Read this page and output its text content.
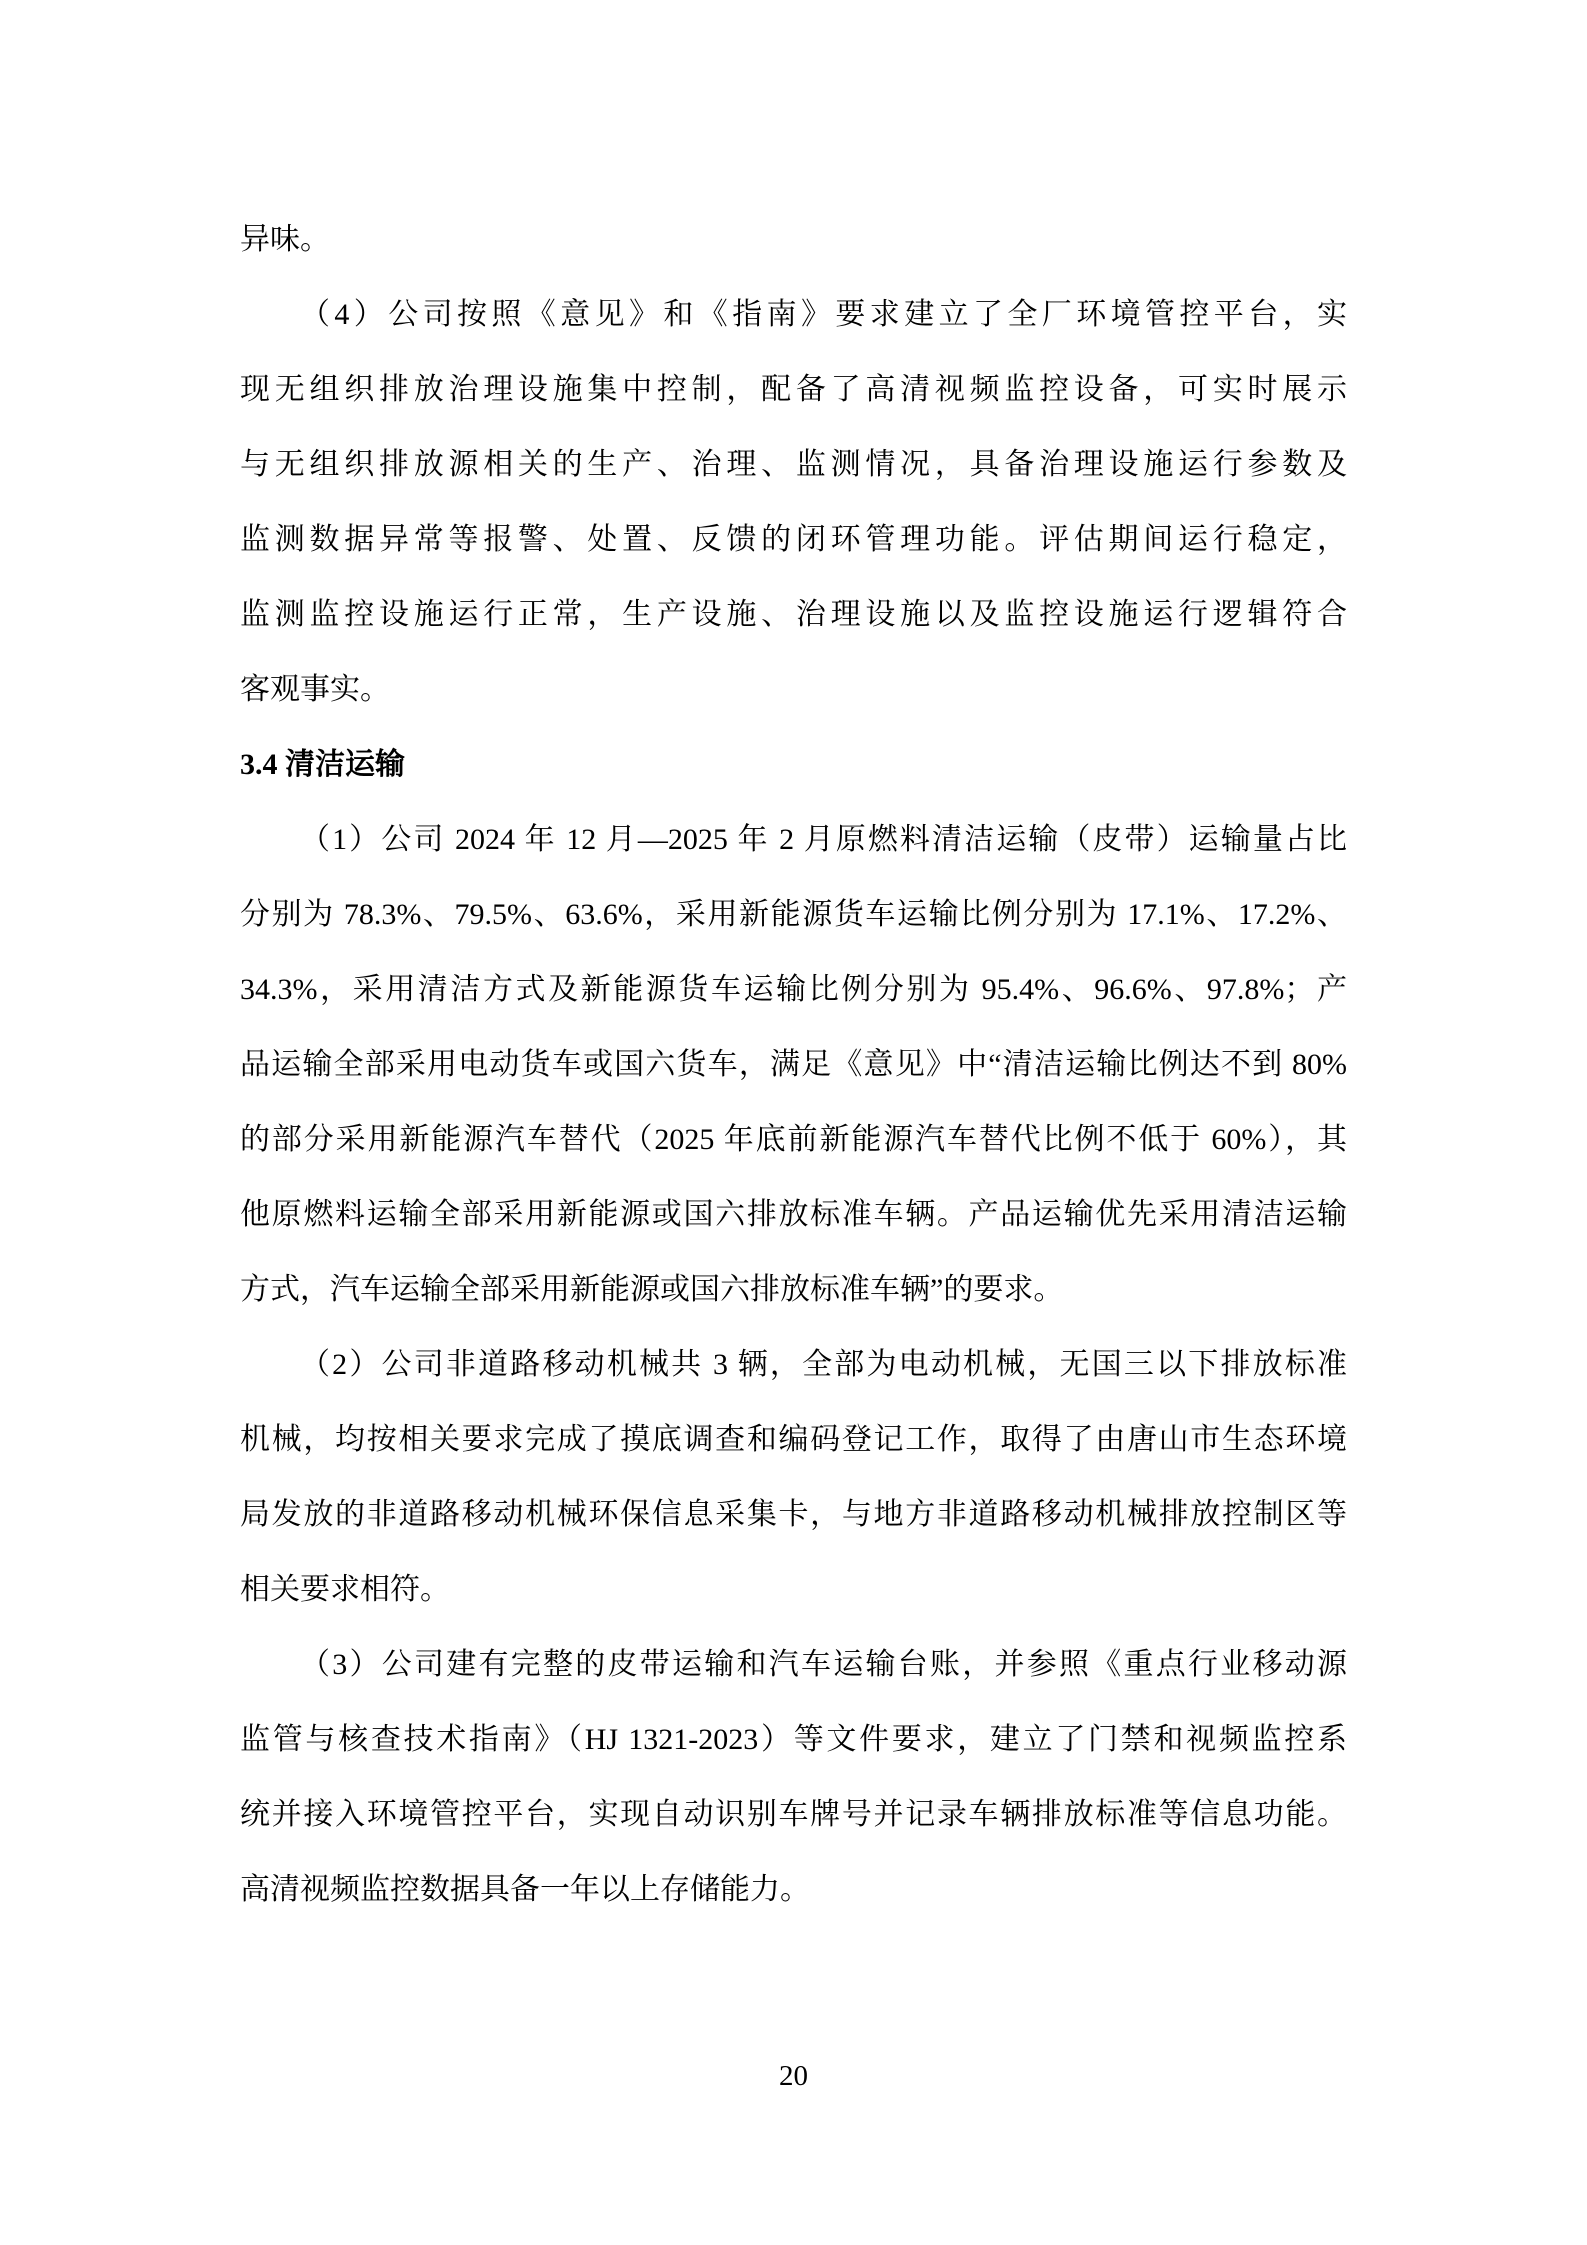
异味。
（4）公司按照《意见》和《指南》要求建立了全厂环境管控平台，实
现无组织排放治理设施集中控制，配备了高清视频监控设备，可实时展示
与无组织排放源相关的生产、治理、监测情况，具备治理设施运行参数及
监测数据异常等报警、处置、反馈的闭环管理功能。评估期间运行稳定，
监测监控设施运行正常，生产设施、治理设施以及监控设施运行逻辑符合
客观事实。
3.4 清洁运输
（1）公司 2024 年 12 月—2025 年 2 月原燃料清洁运输（皮带）运输量占比
分别为 78.3%、79.5%、63.6%，采用新能源货车运输比例分别为 17.1%、17.2%、
34.3%，采用清洁方式及新能源货车运输比例分别为 95.4%、96.6%、97.8%；产
品运输全部采用电动货车或国六货车，满足《意见》中“清洁运输比例达不到 80%
的部分采用新能源汽车替代（2025 年底前新能源汽车替代比例不低于 60%），其
他原燃料运输全部采用新能源或国六排放标准车辆。产品运输优先采用清洁运输
方式，汽车运输全部采用新能源或国六排放标准车辆”的要求。
（2）公司非道路移动机械共 3 辆，全部为电动机械，无国三以下排放标准
机械，均按相关要求完成了摸底调查和编码登记工作，取得了由唐山市生态环境
局发放的非道路移动机械环保信息采集卡，与地方非道路移动机械排放控制区等
相关要求相符。
（3）公司建有完整的皮带运输和汽车运输台账，并参照《重点行业移动源
监管与核查技术指南》（HJ 1321-2023）等文件要求，建立了门禁和视频监控系
统并接入环境管控平台，实现自动识别车牌号并记录车辆排放标准等信息功能。
高清视频监控数据具备一年以上存储能力。
20
